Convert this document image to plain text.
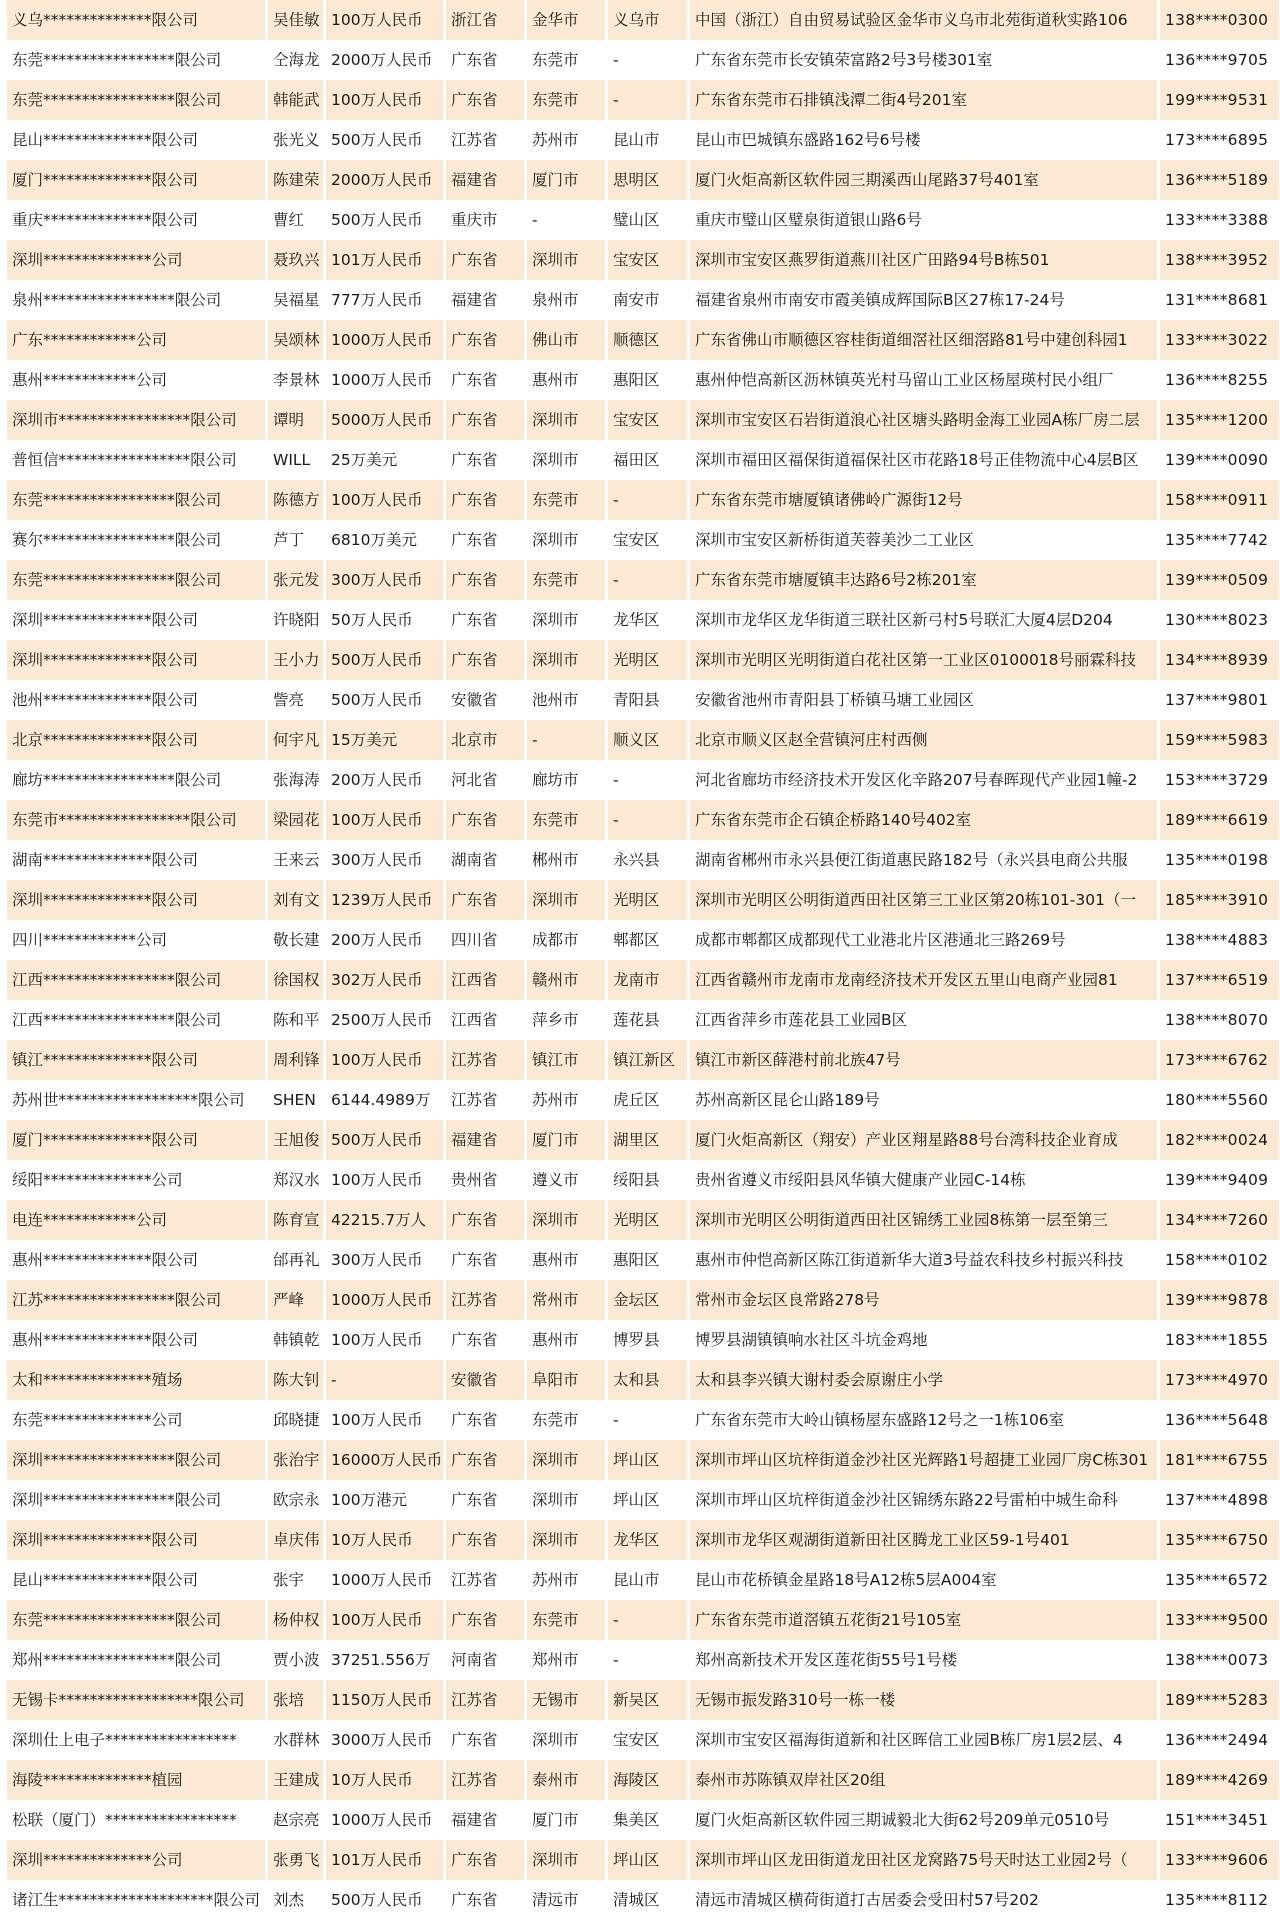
义乌**************限公司	吴佳敏	100万人民币	浙江省	金华市	义乌市	中国（浙江）自由贸易试验区金华市义乌市北苑街道秋实路106	138****0300
东莞*****************限公司	仝海龙	2000万人民币	广东省	东莞市	-	广东省东莞市长安镇荣富路2号3号楼301室	136****9705
东莞*****************限公司	韩能武	100万人民币	广东省	东莞市	-	广东省东莞市石排镇浅潭二街4号201室	199****9531
昆山**************限公司	张光义	500万人民币	江苏省	苏州市	昆山市	昆山市巴城镇东盛路162号6号楼	173****6895
厦门**************限公司	陈建荣	2000万人民币	福建省	厦门市	思明区	厦门火炬高新区软件园三期溪西山尾路37号401室	136****5189
重庆**************限公司	曹红	500万人民币	重庆市	-	璧山区	重庆市璧山区璧泉街道银山路6号	133****3388
深圳**************公司	聂玖兴	101万人民币	广东省	深圳市	宝安区	深圳市宝安区燕罗街道燕川社区广田路94号B栋501	138****3952
泉州*****************限公司	吴福星	777万人民币	福建省	泉州市	南安市	福建省泉州市南安市霞美镇成辉国际B区27栋17-24号	131****8681
广东************公司	吴颂林	1000万人民币	广东省	佛山市	顺德区	广东省佛山市顺德区容桂街道细滘社区细滘路81号中建创科园1	133****3022
惠州************公司	李景林	1000万人民币	广东省	惠州市	惠阳区	惠州仲恺高新区沥林镇英光村马留山工业区杨屋瑛村民小组厂	136****8255
深圳市*****************限公司	谭明	5000万人民币	广东省	深圳市	宝安区	深圳市宝安区石岩街道浪心社区塘头路明金海工业园A栋厂房二层	135****1200
普恒信*****************限公司	WILL	25万美元	广东省	深圳市	福田区	深圳市福田区福保街道福保社区市花路18号正佳物流中心4层B区	139****0090
东莞*****************限公司	陈德方	100万人民币	广东省	东莞市	-	广东省东莞市塘厦镇诸佛岭广源街12号	158****0911
赛尔*****************限公司	芦丁	6810万美元	广东省	深圳市	宝安区	深圳市宝安区新桥街道芙蓉美沙二工业区	135****7742
东莞*****************限公司	张元发	300万人民币	广东省	东莞市	-	广东省东莞市塘厦镇丰达路6号2栋201室	139****0509
深圳**************限公司	许晓阳	50万人民币	广东省	深圳市	龙华区	深圳市龙华区龙华街道三联社区新弓村5号联汇大厦4层D204	130****8023
深圳**************限公司	王小力	500万人民币	广东省	深圳市	光明区	深圳市光明区光明街道白花社区第一工业区0100018号丽霖科技	134****8939
池州**************限公司	訾亮	500万人民币	安徽省	池州市	青阳县	安徽省池州市青阳县丁桥镇马塘工业园区	137****9801
北京**************限公司	何宇凡	15万美元	北京市	-	顺义区	北京市顺义区赵全营镇河庄村西侧	159****5983
廊坊*****************限公司	张海涛	200万人民币	河北省	廊坊市	-	河北省廊坊市经济技术开发区化辛路207号春晖现代产业园1幢-2	153****3729
东莞市*****************限公司	梁园花	100万人民币	广东省	东莞市	-	广东省东莞市企石镇企桥路140号402室	189****6619
湖南**************限公司	王来云	300万人民币	湖南省	郴州市	永兴县	湖南省郴州市永兴县便江街道惠民路182号（永兴县电商公共服	135****0198
深圳**************限公司	刘有文	1239万人民币	广东省	深圳市	光明区	深圳市光明区公明街道西田社区第三工业区第20栋101-301（一	185****3910
四川************公司	敬长建	200万人民币	四川省	成都市	郫都区	成都市郫都区成都现代工业港北片区港通北三路269号	138****4883
江西*****************限公司	徐国权	302万人民币	江西省	赣州市	龙南市	江西省赣州市龙南市龙南经济技术开发区五里山电商产业园81	137****6519
江西*****************限公司	陈和平	2500万人民币	江西省	萍乡市	莲花县	江西省萍乡市莲花县工业园B区	138****8070
镇江**************限公司	周利锋	100万人民币	江苏省	镇江市	镇江新区	镇江市新区薛港村前北族47号	173****6762
苏州世******************限公司	SHEN	6144.4989万	江苏省	苏州市	虎丘区	苏州高新区昆仑山路189号	180****5560
厦门**************限公司	王旭俊	500万人民币	福建省	厦门市	湖里区	厦门火炬高新区（翔安）产业区翔星路88号台湾科技企业育成	182****0024
绥阳**************公司	郑汉水	100万人民币	贵州省	遵义市	绥阳县	贵州省遵义市绥阳县风华镇大健康产业园C-14栋	139****9409
电连************公司	陈育宣	42215.7万人	广东省	深圳市	光明区	深圳市光明区公明街道西田社区锦绣工业园8栋第一层至第三	134****7260
惠州**************限公司	邰再礼	300万人民币	广东省	惠州市	惠阳区	惠州市仲恺高新区陈江街道新华大道3号益农科技乡村振兴科技	158****0102
江苏*****************限公司	严峰	1000万人民币	江苏省	常州市	金坛区	常州市金坛区良常路278号	139****9878
惠州**************限公司	韩镇乾	100万人民币	广东省	惠州市	博罗县	博罗县湖镇镇响水社区斗坑金鸡地	183****1855
太和**************殖场	陈大钊	-	安徽省	阜阳市	太和县	太和县李兴镇大谢村委会原谢庄小学	173****4970
东莞**************公司	邱晓捷	100万人民币	广东省	东莞市	-	广东省东莞市大岭山镇杨屋东盛路12号之一1栋106室	136****5648
深圳*****************限公司	张治宇	16000万人民币	广东省	深圳市	坪山区	深圳市坪山区坑梓街道金沙社区光辉路1号超捷工业园厂房C栋301	181****6755
深圳*****************限公司	欧宗永	100万港元	广东省	深圳市	坪山区	深圳市坪山区坑梓街道金沙社区锦绣东路22号雷柏中城生命科	137****4898
深圳**************限公司	卓庆伟	10万人民币	广东省	深圳市	龙华区	深圳市龙华区观湖街道新田社区腾龙工业区59-1号401	135****6750
昆山**************限公司	张宇	1000万人民币	江苏省	苏州市	昆山市	昆山市花桥镇金星路18号A12栋5层A004室	135****6572
东莞*****************限公司	杨仲权	100万人民币	广东省	东莞市	-	广东省东莞市道滘镇五花街21号105室	133****9500
郑州*****************限公司	贾小波	37251.556万	河南省	郑州市	-	郑州高新技术开发区莲花街55号1号楼	138****0073
无锡卡******************限公司	张培	1150万人民币	江苏省	无锡市	新吴区	无锡市振发路310号一栋一楼	189****5283
深圳仕上电子*****************	水群林	3000万人民币	广东省	深圳市	宝安区	深圳市宝安区福海街道新和社区晖信工业园B栋厂房1层2层、4	136****2494
海陵**************植园	王建成	10万人民币	江苏省	泰州市	海陵区	泰州市苏陈镇双岸社区20组	189****4269
松联（厦门）*****************	赵宗亮	1000万人民币	福建省	厦门市	集美区	厦门火炬高新区软件园三期诚毅北大街62号209单元0510号	151****3451
深圳**************公司	张勇飞	101万人民币	广东省	深圳市	坪山区	深圳市坪山区龙田街道龙田社区龙窝路75号天时达工业园2号（	133****9606
诸江生********************限公司	刘杰	500万人民币	广东省	清远市	清城区	清远市清城区横荷街道打古居委会受田村57号202	135****8112
